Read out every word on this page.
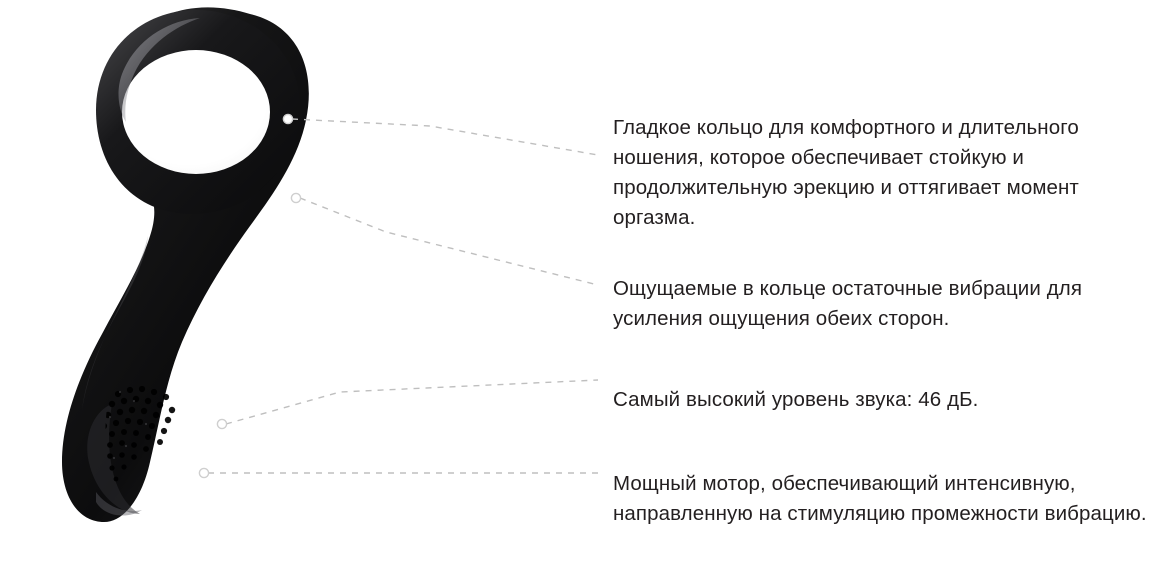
Гладкое кольцо для комфортного и длительного ношения, которое обеспечивает стойкую и продолжительную эрекцию и оттягивает момент оргазма.

Ощущаемые в кольце остаточные вибрации для усиления ощущения обеих сторон.

Самый высокий уровень звука: 46 дБ.

Мощный мотор, обеспечивающий интенсивную, направленную на стимуляцию промежности вибрацию.
